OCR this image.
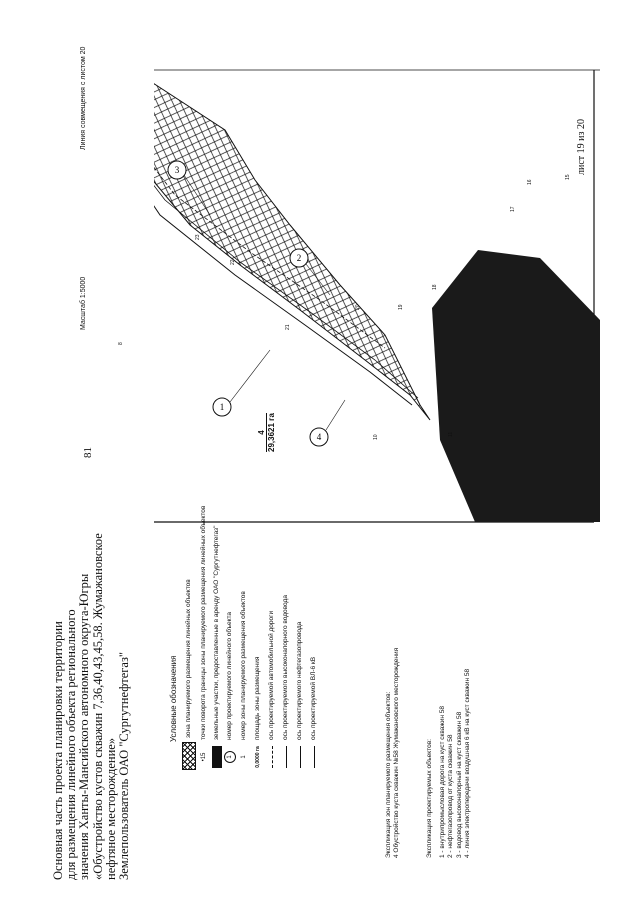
81
Основная часть проекта планировки территории для размещения линейного объекта регионального значения Ханты-Мансийского автономного округа-Югры «Обустройство кустов скважин 7,36,40,43,45,58. Жумажановское нефтяное месторождение» Землепользователь ОАО "Сургутнефтегаз"	Условные обозначения зона планируемого размещения линейных объектов
•15
точки поворота границы зоны планируемого размещения линейных объектов земельные участки, предоставленные в аренду ОАО "Сургутнефтегаз"
1
номер проектируемого линейного объекта
1
номер зоны планируемого размещения объектов
0,0000 га
площадь зоны размещения ось проектируемой автомобильной дороги ось проектируемого высоконапорного водовода ось проектируемого нефтегазопровода ось проектируемой ВЛ-6 кВ	Экспликация зон планируемого размещения объектов: 4 Обустройство куста скважин №58 Жумажановского месторождения	Экспликация проектируемых объектов: 1 - внутрипромысловая дорога на куст скважин 58 2 - нефтегазопровод от куста скважин 58 3 - водовод высоконапорный на куст скважин 58 4 - линия электропередачи воздушная 6 кВ на куст скважин 58
1
2
3
4
4 29,3621 га
Масштаб 1:5000
Линия совмещения с листом 20	лист 19 из 20
23
22
21
20	19
18
16
15
17
11
10
8
